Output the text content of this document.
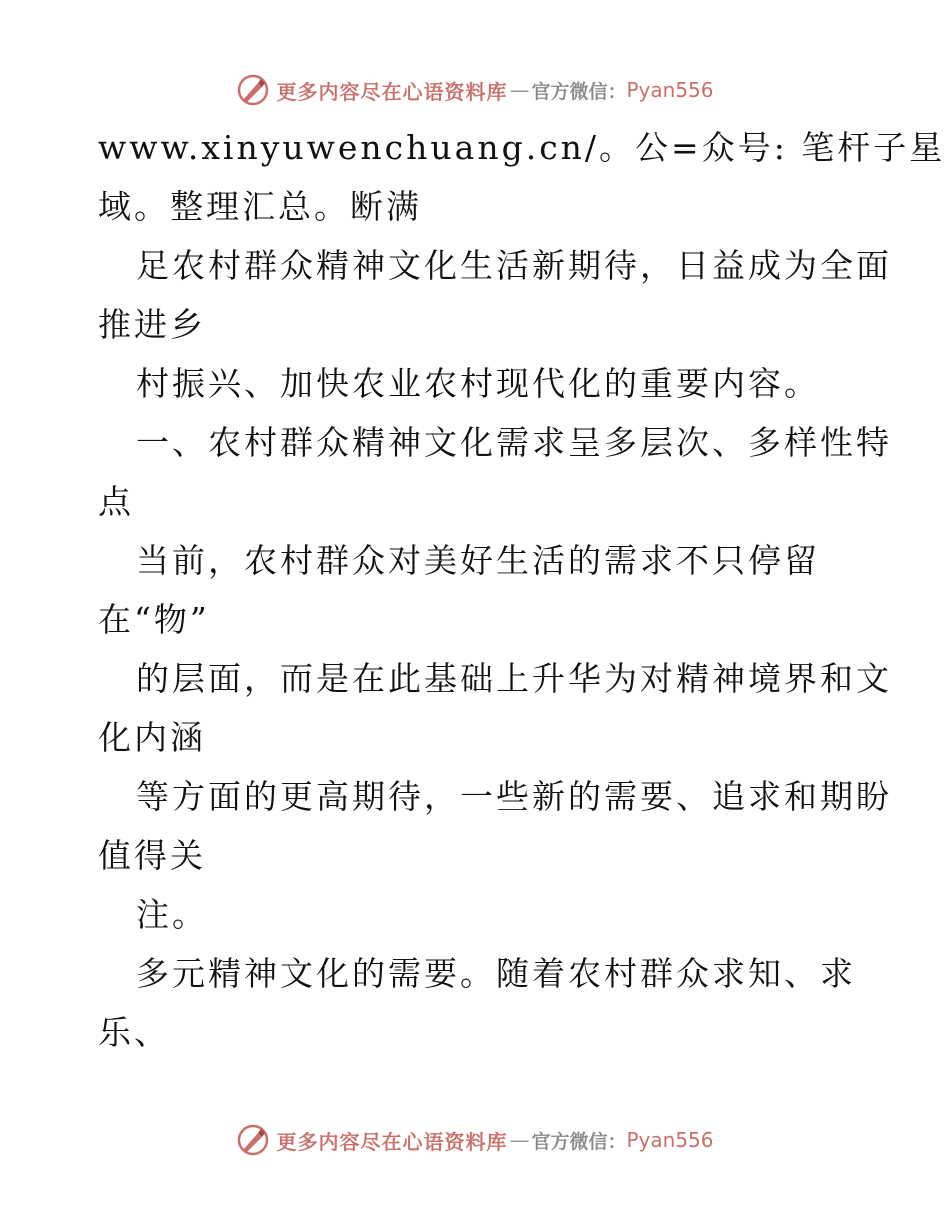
更多内容尽在心语资料库 — 官方微信： Pyan556
www.xinyuwenchuang.cn/。公=众号: 笔杆子星
域。整理汇总。断满
足农村群众精神文化生活新期待，日益成为全面
推进乡
村振兴、加快农业农村现代化的重要内容。
一、农村群众精神文化需求呈多层次、多样性特
点
当前，农村群众对美好生活的需求不只停留
在“物”
的层面，而是在此基础上升华为对精神境界和文
化内涵
等方面的更高期待，一些新的需要、追求和期盼
值得关
注。
多元精神文化的需要。随着农村群众求知、求
乐、
更多内容尽在心语资料库 — 官方微信： Pyan556
